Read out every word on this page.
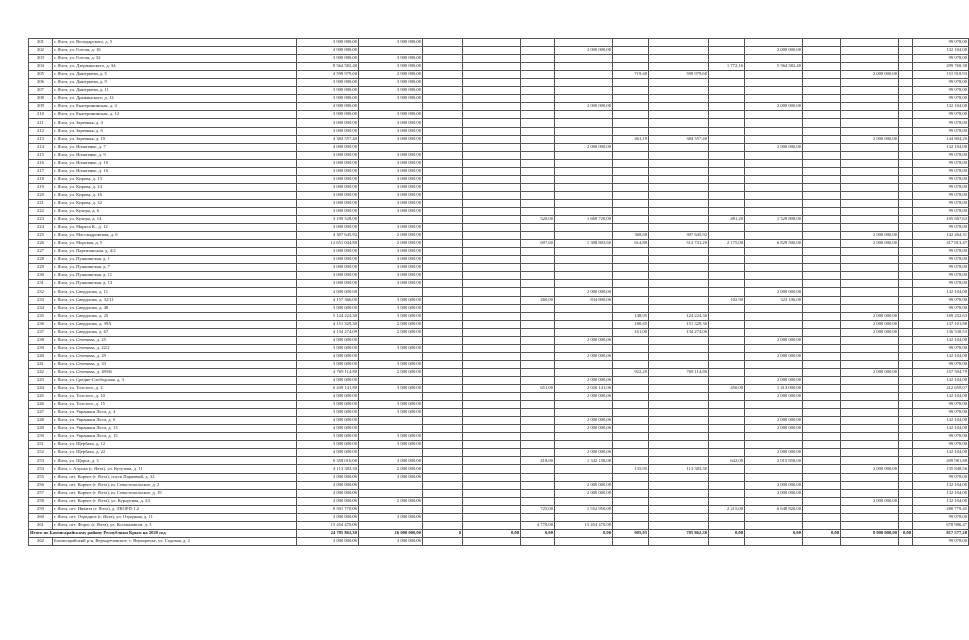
201	г. Ялта, ул. Володарского, д. 5	3 000 000,00	3 000 000,00												99 078,00
202	г. Ялта, ул. Гоголя, д. 16	4 000 000,00					2 000 000,00				2 000 000,00				132 104,00
203	г. Ялта, ул. Гоголя, д. 32	3 000 000,00	3 000 000,00												99 078,00
204	г. Ялта, ул. Дзержинского, д. 34	8 564 582,40	3 000 000,00							1 772,16	5 564 582,40				299 768,38
205	г. Ялта, ул. Дмитриева, д. 5	4 599 979,60	2 000 000,00					719,40	599 979,60				2 000 000,00		151 918,93
206	г. Ялта, ул. Дмитриева, д. 9	3 000 000,00	3 000 000,00												99 078,00
207	г. Ялта, ул. Дмитриева, д. 11	3 000 000,00	3 000 000,00												99 078,00
208	г. Ялта, ул. Дражинского, д. 12	3 000 000,00	3 000 000,00												99 078,00
209	г. Ялта, ул. Екатерининская, д. 4	4 000 000,00					2 000 000,00				2 000 000,00				132 104,00
210	г. Ялта, ул. Екатерининская, д. 12	3 000 000,00	3 000 000,00												99 078,00
211	г. Ялта, ул. Заречная, д. 4	3 000 000,00	3 000 000,00												99 078,00
212	г. Ялта, ул. Заречная, д. 6	3 000 000,00	3 000 000,00												99 078,00
213	г. Ялта, ул. Заречная, д. 10	4 384 557,40	3 000 000,00					461,19	384 557,40				2 000 000,00		144 804,20
214	г. Ялта, ул. Игнатенко, д. 7	4 000 000,00					2 000 000,00				2 000 000,00				132 104,00
215	г. Ялта, ул. Игнатенко, д. 9	3 000 000,00	3 000 000,00												99 078,00
216	г. Ялта, ул. Игнатенко, д. 10	3 000 000,00	3 000 000,00												99 078,00
217	г. Ялта, ул. Игнатенко, д. 16	3 000 000,00	3 000 000,00												99 078,00
218	г. Ялта, ул. Кирова, д. 13	3 000 000,00	3 000 000,00												99 078,00
219	г. Ялта, ул. Кирова, д. 14	3 000 000,00	3 000 000,00												99 078,00
220	г. Ялта, ул. Кирова, д. 16	3 000 000,00	3 000 000,00												99 078,00
221	г. Ялта, ул. Кирова, д. 32	3 000 000,00	3 000 000,00												99 078,00
222	г. Ялта, ул. Кучера, д. 6	3 000 000,00	3 000 000,00												99 078,00
223	г. Ялта, ул. Кучера, д. 14	3 199 528,00				520,00	1 669 720,00			481,20	1 529 808,00				105 667,63
224	г. Ялта, ул. Маркса К., д. 12	3 000 000,00	3 000 000,00												99 078,00
225	г. Ялта, ул. Массандровская, д. 6	4 307 645,92	2 000 000,00					368,68	307 645,92				2 000 000,00		142 264,31
226	г. Ялта, ул. Морская, д. 5	12 651 044,80	2 000 000,00			607,60	1 308 803,60	614,80	512 741,20	2 175,00	6 829 500,00		2 000 000,00		417 813,47
227	г. Ялта, ул. Партизанская, д. 4/2	3 000 000,00	3 000 000,00												99 078,00
228	г. Ялта, ул. Пушкинская, д. 1	3 000 000,00	3 000 000,00												99 078,00
229	г. Ялта, ул. Пушкинская, д. 7	3 000 000,00	3 000 000,00												99 078,00
230	г. Ялта, ул. Пушкинская, д. 11	3 000 000,00	3 000 000,00												99 078,00
231	г. Ялта, ул. Пушкинская, д. 13	3 000 000,00	3 000 000,00												99 078,00
232	г. Ялта, ул. Свердлова, д. 11	4 000 000,00					2 000 000,00				2 000 000,00				132 104,00
233	г. Ялта, ул. Свердлова, д. 32/11	4 157 366,00	3 000 000,00			260,00	834 800,00			102,90	323 106,00				99 078,00
234	г. Ялта, ул. Свердлова, д. 48	3 000 000,00	3 000 000,00												99 078,00
235	г. Ялта, ул. Свердлова, д. 25	5 124 224,30	3 000 000,00					148,95	124 224,30				2 000 000,00		169 232,63
236	г. Ялта, ул. Свердлова, д. 39А	4 151 329,30	2 000 000,00					180,45	151 329,30				2 000 000,00		137 101,88
237	г. Ялта, ул. Свердлова, д. 67	4 134 274,09	2 000 000,00					161,00	134 274,00				2 000 000,00		136 538,53
238	г. Ялта, ул. Сеченова, д. 25	4 000 000,00					2 000 000,00				2 000 000,00				132 104,00
239	г. Ялта, ул. Сеченова, д. 22/2	3 000 000,00	3 000 000,00												99 078,00
240	г. Ялта, ул. Сеченова, д. 29	4 000 000,00					2 000 000,00				2 000 000,00				132 104,00
241	г. Ялта, ул. Сеченова, д. 33	3 000 000,00	3 000 000,00												99 078,00
242	г. Ялта, ул. Сеченова, д. 49/66	4 769 114,80	2 000 000,00					922,20	769 114,80				2 000 000,00		157 504,79
243	г. Ялта, ул. Средне-Слободская, д. 3	4 000 000,00					2 000 000,00				2 000 000,00				132 104,00
244	г. Ялта, ул. Толстого, д. 2	6 439 141,80	3 000 000,00			651,00	2 026 141,00			450,00	1 413 000,00				212 659,07
245	г. Ялта, ул. Толстого, д. 10	4 000 000,00					2 000 000,00				2 000 000,00				132 104,00
246	г. Ялта, ул. Толстого, д. 15	3 000 000,00	3 000 000,00												99 078,00
247	г. Ялта, ул. Украинки Леси, д. 4	3 000 000,00	3 000 000,00												99 078,00
248	г. Ялта, ул. Украинки Леси, д. 6	4 000 000,00					2 000 000,00				2 000 000,00				132 104,00
249	г. Ялта, ул. Украинки Леси, д. 13	4 000 000,00					2 000 000,00				2 000 000,00				132 104,00
250	г. Ялта, ул. Украинки Леси, д. 15	3 000 000,00	3 000 000,00												99 078,00
251	г. Ялта, ул. Щербака, д. 12	3 000 000,00	3 000 000,00												99 078,00
252	г. Ялта, ул. Щербака, д. 22	4 000 000,00					2 000 000,00				2 000 000,00				132 104,00
253	г. Ялта, ул. Щорса, д. 3	6 358 016,00	3 000 000,00			418,00	1 342 158,00			642,00	2 015 858,00				209 981,88
254	г. Ялта, г. Алупка (г. Ялта), ул. Кутузова, д. 11	4 113 383,30	2 000 000,00					135,95	113 383,30				2 000 000,00		135 848,56
255	г. Ялта, пгт. Кореиз (г. Ялта), спуск Парковый, д. 32	3 000 000,00	3 000 000,00												99 078,00
256	г. Ялта, пгт. Кореиз (г. Ялта), ш. Севастопольское, д. 2	4 000 000,00					2 000 000,00				2 000 000,00				132 104,00
257	г. Ялта, пгт. Кореиз (г. Ялта), ш. Севастопольское, д. 19	4 000 000,00					2 000 000,00				2 000 000,00				132 104,00
258	г. Ялта, пгт. Кореиз (г. Ялта), ул. Курортная, д. 24	4 000 000,00	2 000 000,00										2 000 000,00		132 104,00
259	г. Ялта, пгт. Никита (г. Ялта), д. ЛКОРП-1,2	8 501 770,00				725,00	1 552 950,00			2 215,00	6 648 820,00				280 779,45
260	г. Ялта, пгт. Отрадное (г. Ялта), ул. Отрадная, д. 11	3 000 000,00	3 000 000,00												99 078,00
261	г. Ялта, пгт. Форос (г. Ялта), ул. Космонавтов, д. 3	15 454 470,00				4 770,00	15 454 470,00								678 986,47
Итого по Бахчисарайскому району Республики Крым на 2020 год		24 785 862,30	16 000 000,00	0	0,00	0,00	0,00	905,95	785 862,30	0,00	0,00	0,00	8 000 000,00	0,00	817 577,20
262	Бахчисарайский р-н, Верхореченское, с. Верхоречье, ул. Садовая, д. 2	3 000 000,00	3 000 000,00												99 078,00
